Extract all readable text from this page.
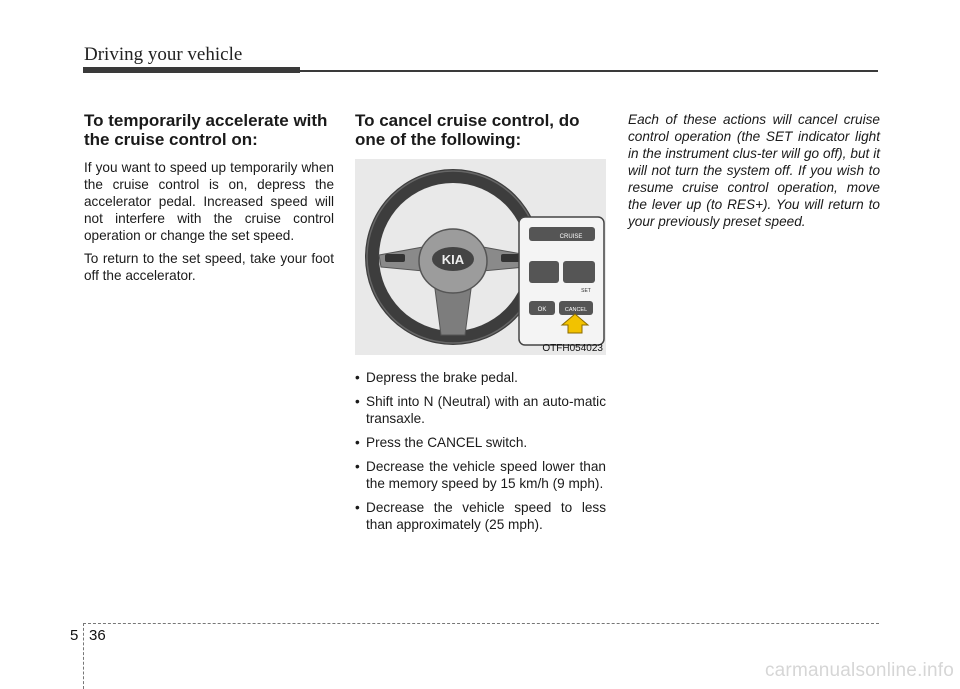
Driving your vehicle
To temporarily accelerate with the cruise control on:

If you want to speed up temporarily when the cruise control is on, depress the accelerator pedal. Increased speed will not interfere with the cruise control operation or change the set speed.

To return to the set speed, take your foot off the accelerator.

To cancel cruise control, do one of the following:
KIA
CRUISE
SET
OK	CANCEL
OTFH054023
• Depress the brake pedal.
• Shift into N (Neutral) with an auto-matic transaxle.
• Press the CANCEL switch.
• Decrease the vehicle speed lower than the memory speed by 15 km/h (9 mph).
• Decrease the vehicle speed to less than approximately (25 mph).

Each of these actions will cancel cruise control operation (the SET indicator light in the instrument clus-ter will go off), but it will not turn the system off. If you wish to resume cruise control operation, move the lever up (to RES+). You will return to your previously preset speed.

5 36
carmanualsonline.info
